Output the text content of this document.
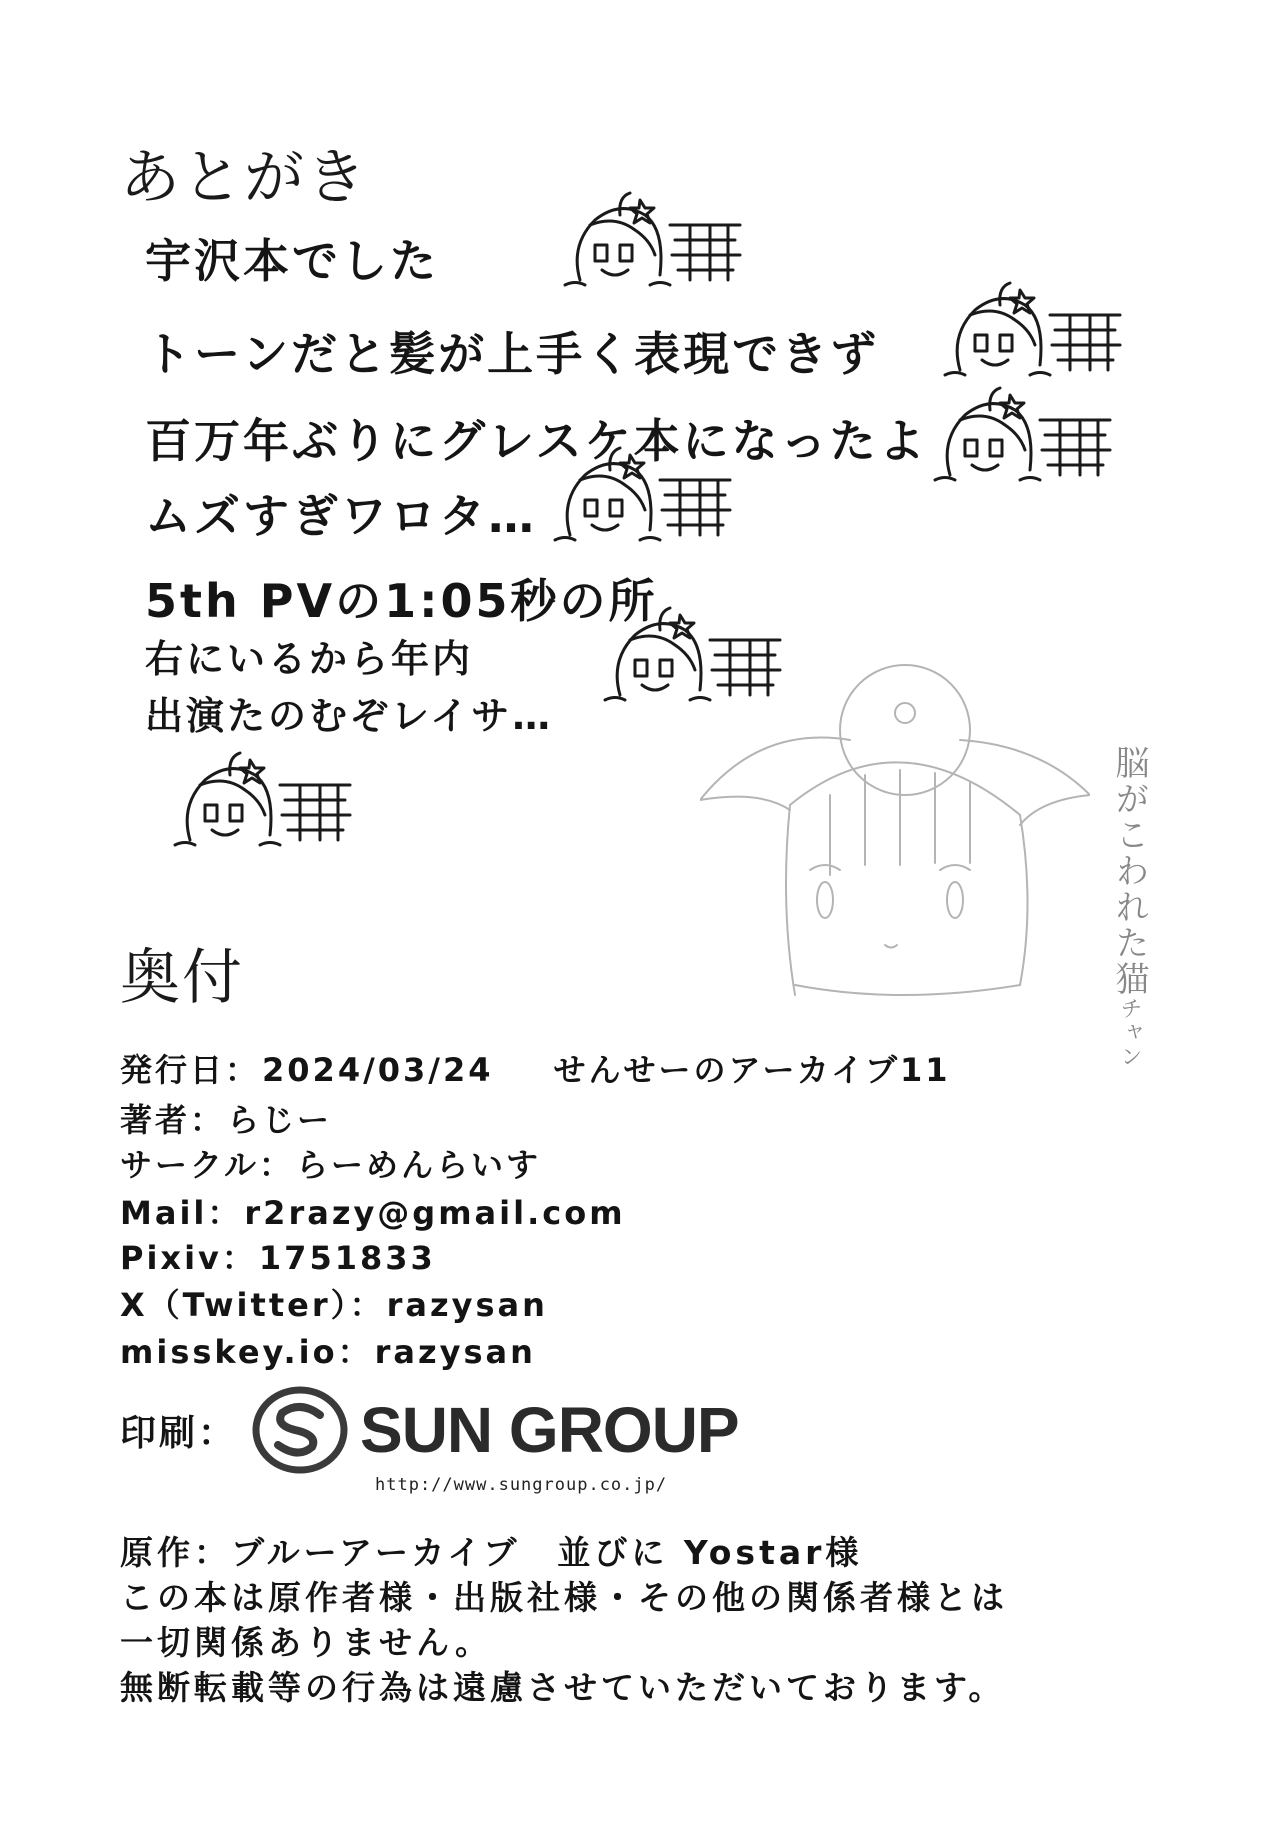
あとがき
宇沢本でした
トーンだと髪が上手く表現できず
百万年ぶりにグレスケ本になったよ
ムズすぎワロタ…
5th PVの1:05秒の所
右にいるから年内
出演たのむぞレイサ…
脳がこわれた猫チャン
奥付
発行日：2024/03/24 せんせーのアーカイブ11
著者：らじー
サークル：らーめんらいす
Mail：r2razy@gmail.com
Pixiv：1751833
X（Twitter）：razysan
misskey.io：razysan
印刷： SUN GROUP
http://www.sungroup.co.jp/
原作：ブルーアーカイブ　並びに Yostar様
この本は原作者様・出版社様・その他の関係者様とは
一切関係ありません。
無断転載等の行為は遠慮させていただいております。
